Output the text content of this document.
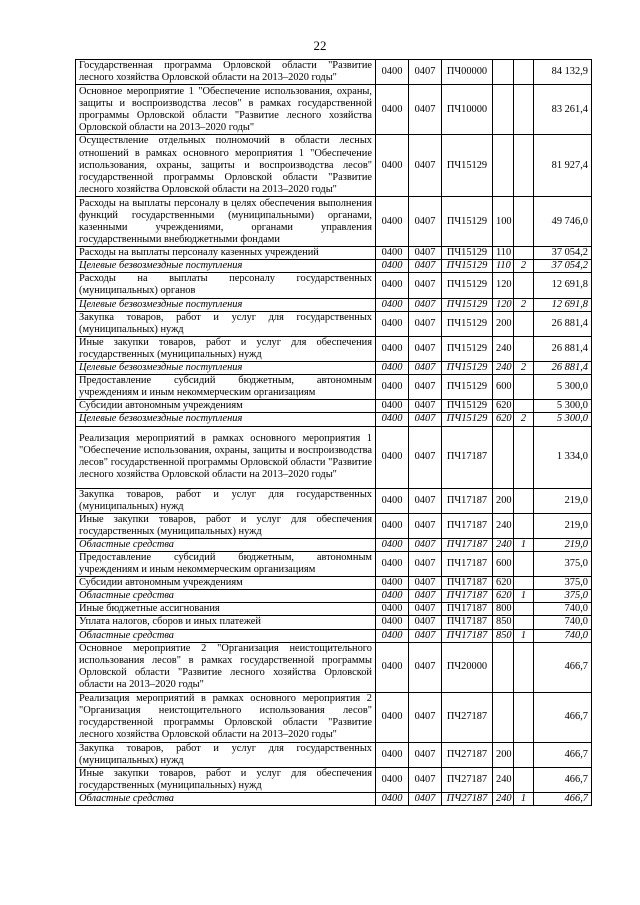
22
Государственная программа Орловской области "Развитие лесного хозяйства Орловской области на 2013–2020 годы"	0400	0407	ПЧ00000			84 132,9
Основное мероприятие 1 "Обеспечение использования, охраны, защиты и воспроизводства лесов" в рамках государственной программы Орловской области "Развитие лесного хозяйства Орловской области на 2013–2020 годы"	0400	0407	ПЧ10000			83 261,4
Осуществление отдельных полномочий в области лесных отношений в рамках основного мероприятия 1 "Обеспечение использования, охраны, защиты и воспроизводства лесов" государственной программы Орловской области "Развитие лесного хозяйства Орловской области на 2013–2020 годы"	0400	0407	ПЧ15129			81 927,4
Расходы на выплаты персоналу в целях обеспечения выполнения функций государственными (муниципальными) органами, казенными учреждениями, органами управления государственными внебюджетными фондами	0400	0407	ПЧ15129	100		49 746,0
Расходы на выплаты персоналу казенных учреждений	0400	0407	ПЧ15129	110		37 054,2
Целевые безвозмездные поступления	0400	0407	ПЧ15129	110	2	37 054,2
Расходы на выплаты персоналу государственных (муниципальных) органов	0400	0407	ПЧ15129	120		12 691,8
Целевые безвозмездные поступления	0400	0407	ПЧ15129	120	2	12 691,8
Закупка товаров, работ и услуг для государственных (муниципальных) нужд	0400	0407	ПЧ15129	200		26 881,4
Иные закупки товаров, работ и услуг для обеспечения государственных (муниципальных) нужд	0400	0407	ПЧ15129	240		26 881,4
Целевые безвозмездные поступления	0400	0407	ПЧ15129	240	2	26 881,4
Предоставление субсидий бюджетным, автономным учреждениям и иным некоммерческим организациям	0400	0407	ПЧ15129	600		5 300,0
Субсидии автономным учреждениям	0400	0407	ПЧ15129	620		5 300,0
Целевые безвозмездные поступления	0400	0407	ПЧ15129	620	2	5 300,0
Реализация мероприятий в рамках основного мероприятия 1 "Обеспечение использования, охраны, защиты и воспроизводства лесов" государственной программы Орловской области "Развитие лесного хозяйства Орловской области на 2013–2020 годы"	0400	0407	ПЧ17187			1 334,0
Закупка товаров, работ и услуг для государственных (муниципальных) нужд	0400	0407	ПЧ17187	200		219,0
Иные закупки товаров, работ и услуг для обеспечения государственных (муниципальных) нужд	0400	0407	ПЧ17187	240		219,0
Областные средства	0400	0407	ПЧ17187	240	1	219,0
Предоставление субсидий бюджетным, автономным учреждениям и иным некоммерческим организациям	0400	0407	ПЧ17187	600		375,0
Субсидии автономным учреждениям	0400	0407	ПЧ17187	620		375,0
Областные средства	0400	0407	ПЧ17187	620	1	375,0
Иные бюджетные ассигнования	0400	0407	ПЧ17187	800		740,0
Уплата налогов, сборов и иных платежей	0400	0407	ПЧ17187	850		740,0
Областные средства	0400	0407	ПЧ17187	850	1	740,0
Основное мероприятие 2 "Организация неистощительного использования лесов" в рамках государственной программы Орловской области "Развитие лесного хозяйства Орловской области на 2013–2020 годы"	0400	0407	ПЧ20000			466,7
Реализация мероприятий в рамках основного мероприятия 2 "Организация неистощительного использования лесов" государственной программы Орловской области "Развитие лесного хозяйства Орловской области на 2013–2020 годы"	0400	0407	ПЧ27187			466,7
Закупка товаров, работ и услуг для государственных (муниципальных) нужд	0400	0407	ПЧ27187	200		466,7
Иные закупки товаров, работ и услуг для обеспечения государственных (муниципальных) нужд	0400	0407	ПЧ27187	240		466,7
Областные средства	0400	0407	ПЧ27187	240	1	466,7
